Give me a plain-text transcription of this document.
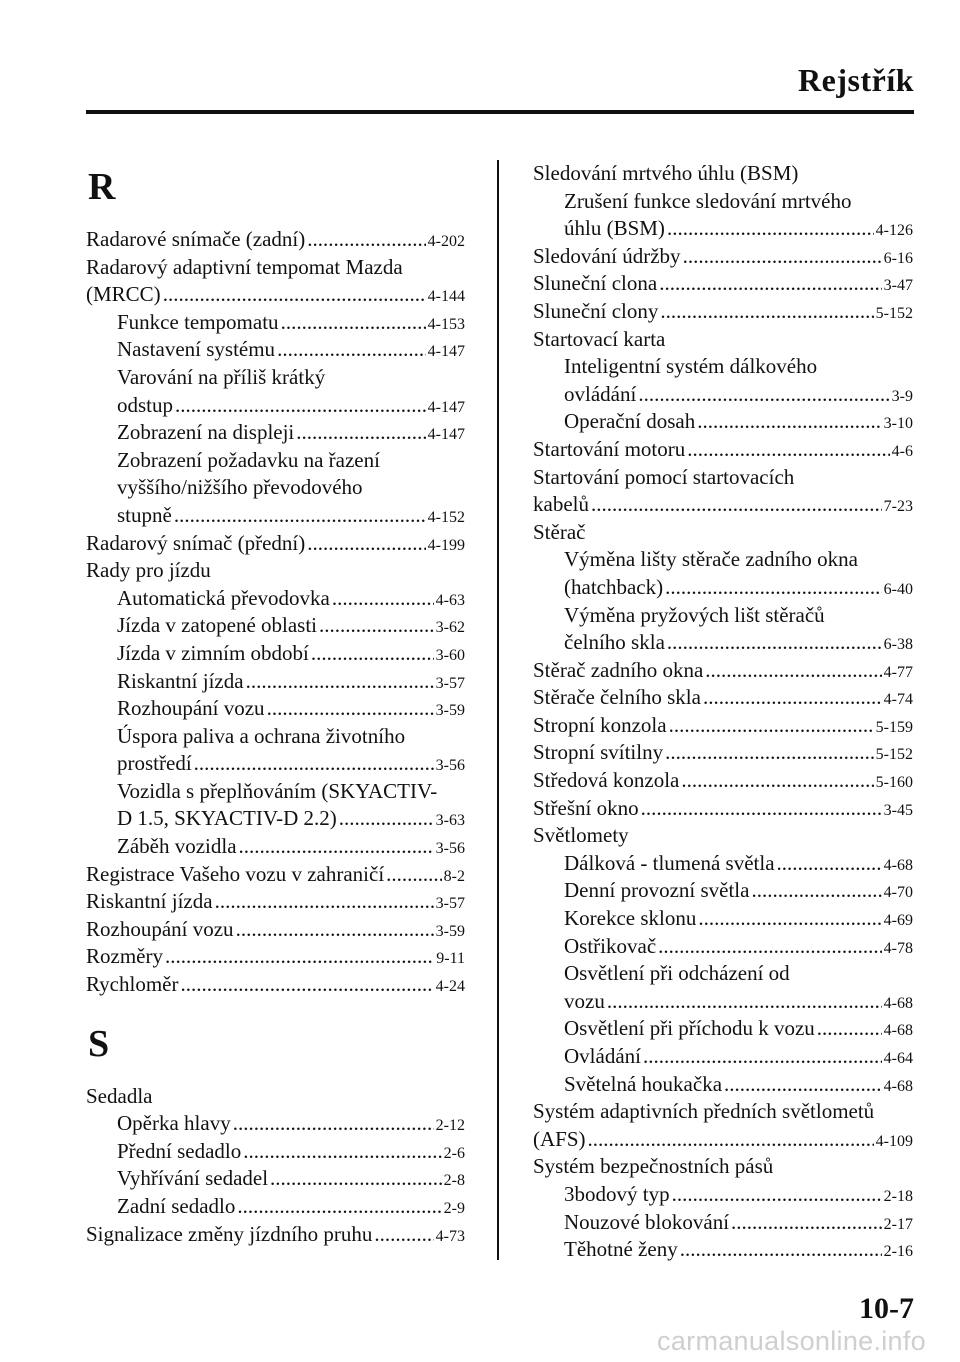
Rejstřík
R
Radarové snímače (zadní) .....	4-202
Radarový adaptivní tempomat Mazda
(MRCC) .....	4-144
Funkce tempomatu .....	4-153
Nastavení systému .....	4-147
Varování na příliš krátký
odstup .....	4-147
Zobrazení na displeji .....	4-147
Zobrazení požadavku na řazení
vyššího/nižšího převodového
stupně .....	4-152
Radarový snímač (přední) .....	4-199
Rady pro jízdu
Automatická převodovka .....	4-63
Jízda v zatopené oblasti .....	3-62
Jízda v zimním období .....	3-60
Riskantní jízda .....	3-57
Rozhoupání vozu .....	3-59
Úspora paliva a ochrana životního
prostředí .....	3-56
Vozidla s přeplňováním (SKYACTIV-
D 1.5, SKYACTIV-D 2.2) .....	3-63
Záběh vozidla .....	3-56
Registrace Vašeho vozu v zahraničí .....	8-2
Riskantní jízda .....	3-57
Rozhoupání vozu .....	3-59
Rozměry .....	9-11
Rychloměr .....	4-24
S
Sedadla
Opěrka hlavy .....	2-12
Přední sedadlo .....	2-6
Vyhřívání sedadel .....	2-8
Zadní sedadlo .....	2-9
Signalizace změny jízdního pruhu .....	4-73
Sledování mrtvého úhlu (BSM)
Zrušení funkce sledování mrtvého
úhlu (BSM) .....	4-126
Sledování údržby .....	6-16
Sluneční clona .....	3-47
Sluneční clony .....	5-152
Startovací karta
Inteligentní systém dálkového
ovládání .....	3-9
Operační dosah .....	3-10
Startování motoru .....	4-6
Startování pomocí startovacích
kabelů .....	7-23
Stěrač
Výměna lišty stěrače zadního okna
(hatchback) .....	6-40
Výměna pryžových lišt stěračů
čelního skla .....	6-38
Stěrač zadního okna .....	4-77
Stěrače čelního skla .....	4-74
Stropní konzola .....	5-159
Stropní svítilny .....	5-152
Středová konzola .....	5-160
Střešní okno .....	3-45
Světlomety
Dálková - tlumená světla .....	4-68
Denní provozní světla .....	4-70
Korekce sklonu .....	4-69
Ostřikovač .....	4-78
Osvětlení při odcházení od
vozu .....	4-68
Osvětlení při příchodu k vozu .....	4-68
Ovládání .....	4-64
Světelná houkačka .....	4-68
Systém adaptivních předních světlometů
(AFS) .....	4-109
Systém bezpečnostních pásů
3bodový typ .....	2-18
Nouzové blokování .....	2-17
Těhotné ženy .....	2-16
10-7
carmanualsonline.info
